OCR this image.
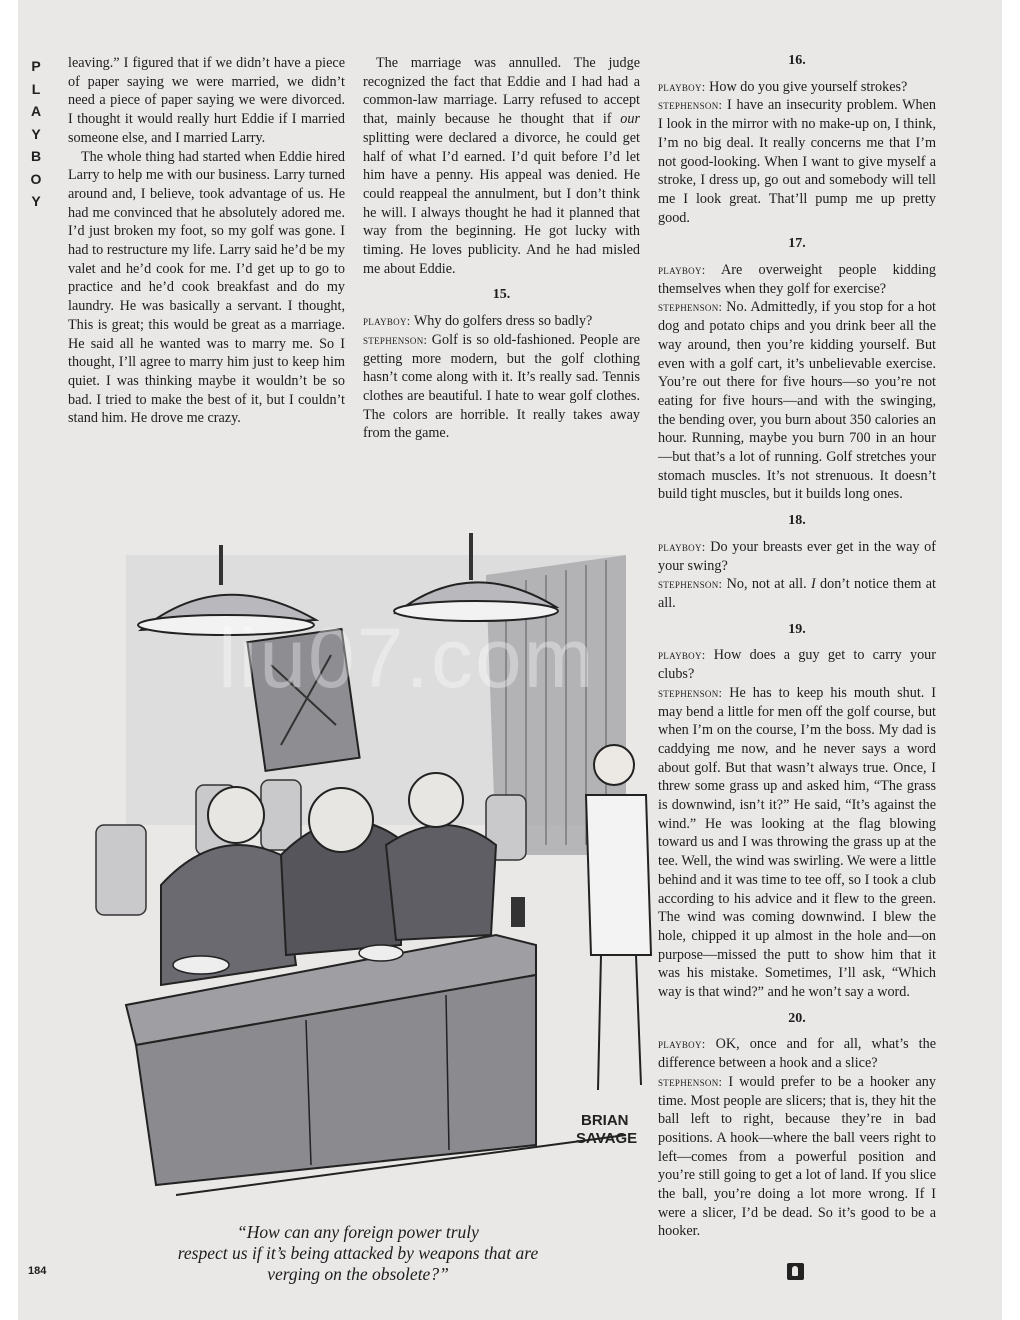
P
L
A
Y
B
O
Y

leaving.” I figured that if we didn’t have a piece of paper saying we were married, we didn’t need a piece of paper saying we were divorced. I thought it would really hurt Eddie if I married someone else, and I married Larry.

The whole thing had started when Eddie hired Larry to help me with our business. Larry turned around and, I believe, took advantage of us. He had me convinced that he absolutely adored me. I’d just broken my foot, so my golf was gone. I had to restructure my life. Larry said he’d be my valet and he’d cook for me. I’d get up to go to practice and he’d cook breakfast and do my laundry. He was basically a servant. I thought, This is great; this would be great as a marriage. He said all he wanted was to marry me. So I thought, I’ll agree to marry him just to keep him quiet. I was thinking maybe it wouldn’t be so bad. I tried to make the best of it, but I couldn’t stand him. He drove me crazy.

The marriage was annulled. The judge recognized the fact that Eddie and I had had a common-law marriage. Larry refused to accept that, mainly because he thought that if our splitting were declared a divorce, he could get half of what I’d earned. I’d quit before I’d let him have a penny. His appeal was denied. He could reappeal the annulment, but I don’t think he will. I always thought he had it planned that way from the beginning. He got lucky with timing. He loves publicity. And he had misled me about Eddie.

15.

playboy: Why do golfers dress so badly?

stephenson: Golf is so old-fashioned. People are getting more modern, but the golf clothing hasn’t come along with it. It’s really sad. Tennis clothes are beautiful. I hate to wear golf clothes. The colors are horrible. It really takes away from the game.

16.

playboy: How do you give yourself strokes?

stephenson: I have an insecurity problem. When I look in the mirror with no make-up on, I think, I’m no big deal. It really concerns me that I’m not good-looking. When I want to give myself a stroke, I dress up, go out and somebody will tell me I look great. That’ll pump me up pretty good.

17.

playboy: Are overweight people kidding themselves when they golf for exercise?

stephenson: No. Admittedly, if you stop for a hot dog and potato chips and you drink beer all the way around, then you’re kidding yourself. But even with a golf cart, it’s unbelievable exercise. You’re out there for five hours—so you’re not eating for five hours—and with the swinging, the bending over, you burn about 350 calories an hour. Running, maybe you burn 700 in an hour—but that’s a lot of running. Golf stretches your stomach muscles. It’s not strenuous. It doesn’t build tight muscles, but it builds long ones.

18.

playboy: Do your breasts ever get in the way of your swing?

stephenson: No, not at all. I don’t notice them at all.

19.

playboy: How does a guy get to carry your clubs?

stephenson: He has to keep his mouth shut. I may bend a little for men off the golf course, but when I’m on the course, I’m the boss. My dad is caddying me now, and he never says a word about golf. But that wasn’t always true. Once, I threw some grass up and asked him, “The grass is downwind, isn’t it?” He said, “It’s against the wind.” He was looking at the flag blowing toward us and I was throwing the grass up at the tee. Well, the wind was swirling. We were a little behind and it was time to tee off, so I took a club according to his advice and it flew to the green. The wind was coming downwind. I blew the hole, chipped it up almost in the hole and—on purpose—missed the putt to show him that it was his mistake. Sometimes, I’ll ask, “Which way is that wind?” and he won’t say a word.

20.

playboy: OK, once and for all, what’s the difference between a hook and a slice?

stephenson: I would prefer to be a hooker any time. Most people are slicers; that is, they hit the ball left to right, because they’re in bad positions. A hook—where the ball veers right to left—comes from a powerful position and you’re still going to get a lot of land. If you slice the ball, you’re doing a lot more wrong. If I were a slicer, I’d be dead. So it’s good to be a hooker.

BRIAN
SAVAGE
liu07.com
“How can any foreign power truly
respect us if it’s being attacked by weapons that are
verging on the obsolete?”
184
